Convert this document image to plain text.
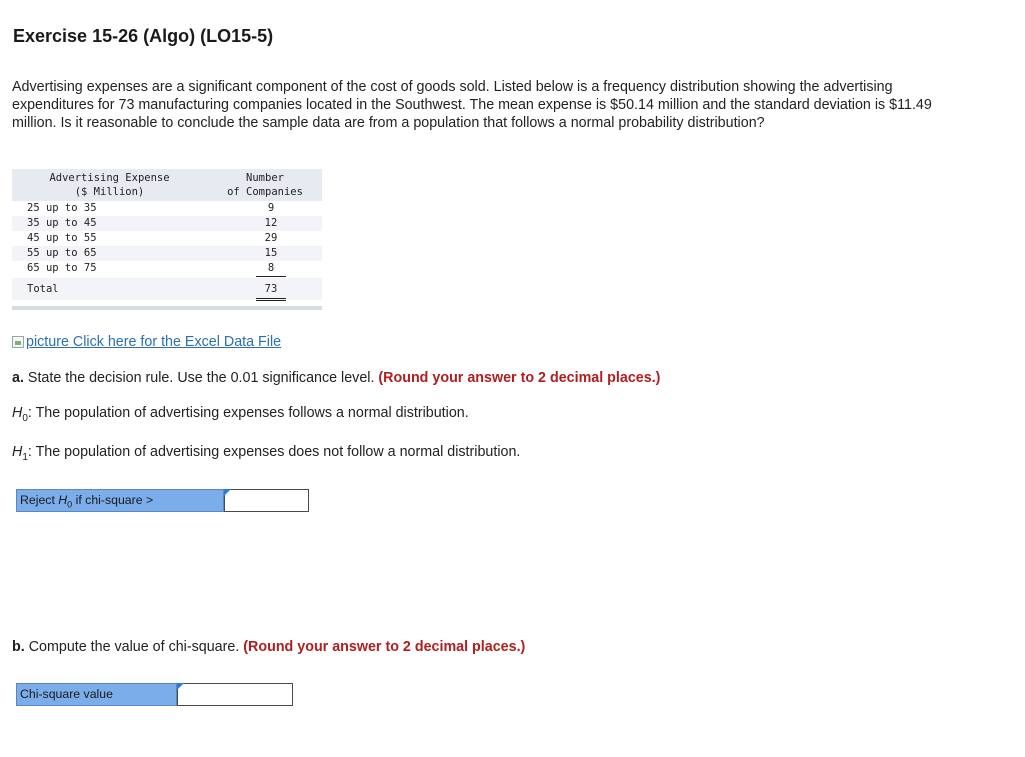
Exercise 15-26 (Algo) (LO15-5)

Advertising expenses are a significant component of the cost of goods sold. Listed below is a frequency distribution showing the advertising expenditures for 73 manufacturing companies located in the Southwest. The mean expense is $50.14 million and the standard deviation is $11.49 million. Is it reasonable to conclude the sample data are from a population that follows a normal probability distribution?

Advertising Expense
($ Million)
Number
of Companies
25 up to 35	9
35 up to 45	12
45 up to 55	29
55 up to 65	15
65 up to 75	8
Total	73
picture Click here for the Excel Data File

a. State the decision rule. Use the 0.01 significance level. (Round your answer to 2 decimal places.)

$H_0$: The population of advertising expenses follows a normal distribution.
$H_1$: The population of advertising expenses does not follow a normal distribution.
Reject $H_0$ if chi-square >

b. Compute the value of chi-square. (Round your answer to 2 decimal places.)

Chi-square value
